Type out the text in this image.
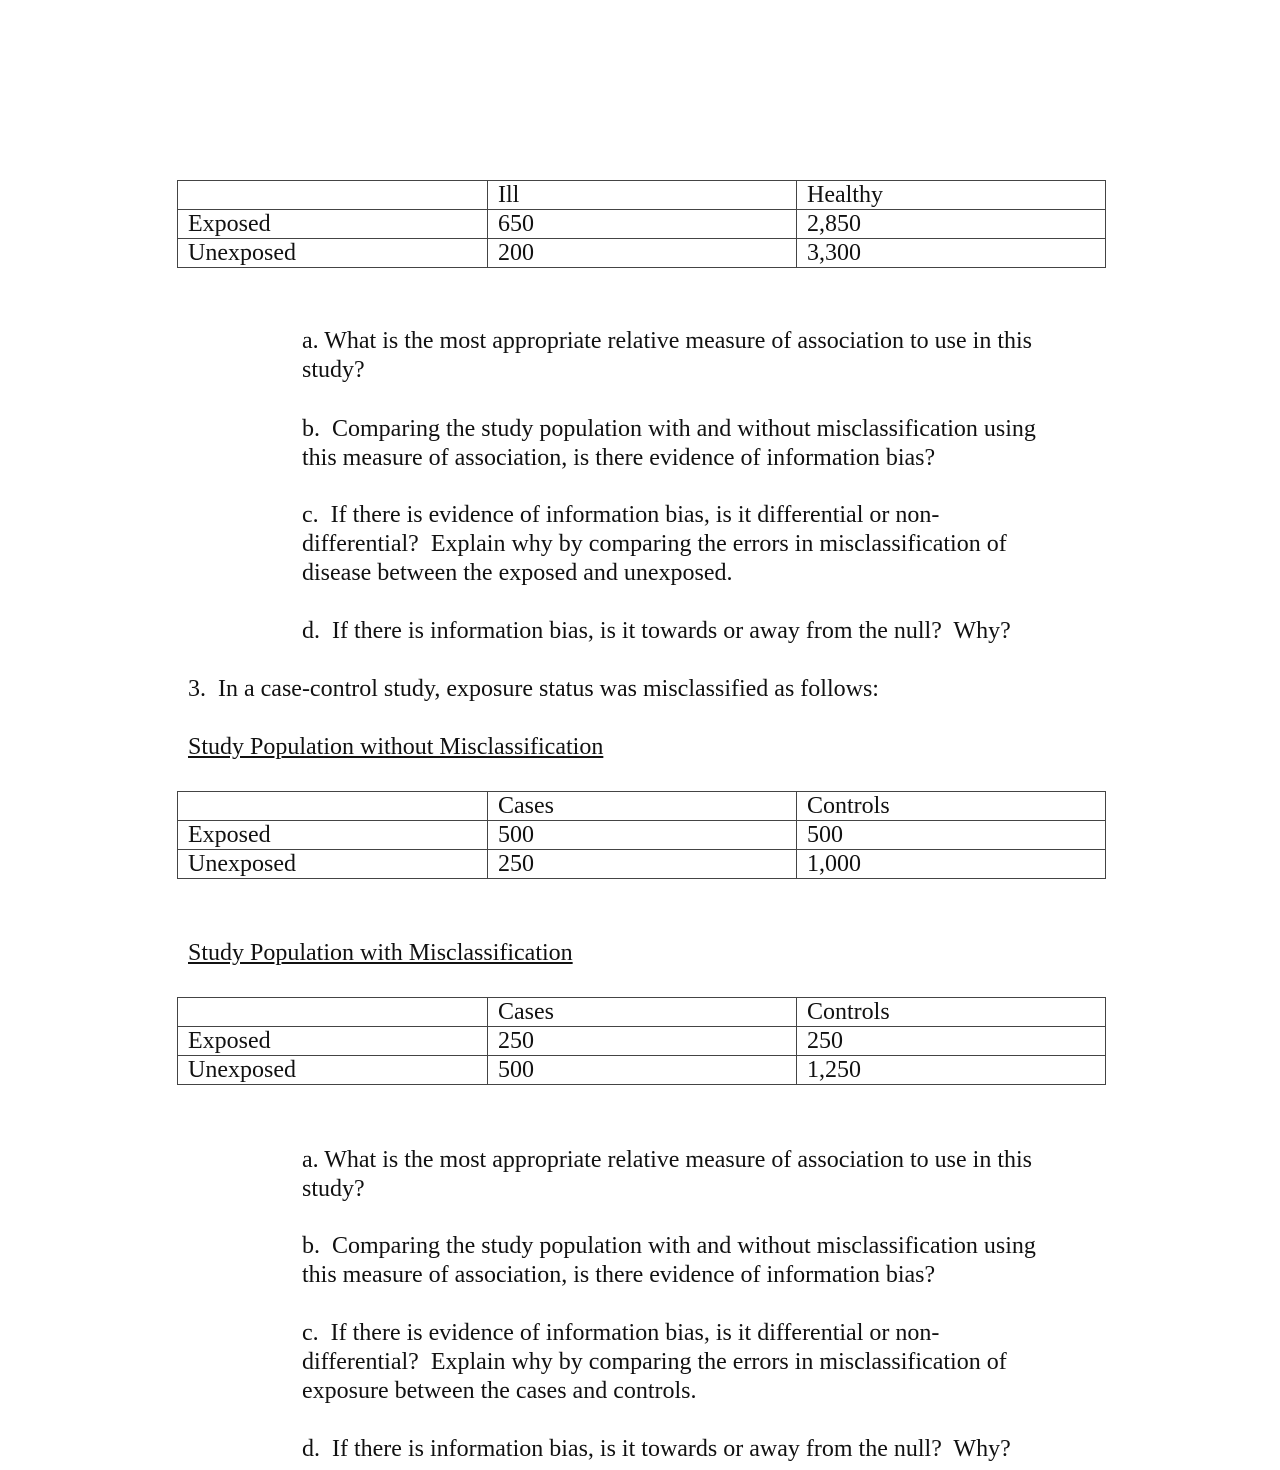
	Ill	Healthy
Exposed	650	2,850
Unexposed	200	3,300
a. What is the most appropriate relative measure of association to use in this
study?
b.  Comparing the study population with and without misclassification using
this measure of association, is there evidence of information bias?
c.  If there is evidence of information bias, is it differential or non-
differential?  Explain why by comparing the errors in misclassification of
disease between the exposed and unexposed.
d.  If there is information bias, is it towards or away from the null?  Why?
3.  In a case-control study, exposure status was misclassified as follows:
Study Population without Misclassification
	Cases	Controls
Exposed	500	500
Unexposed	250	1,000
Study Population with Misclassification
	Cases	Controls
Exposed	250	250
Unexposed	500	1,250
a. What is the most appropriate relative measure of association to use in this
study?
b.  Comparing the study population with and without misclassification using
this measure of association, is there evidence of information bias?
c.  If there is evidence of information bias, is it differential or non-
differential?  Explain why by comparing the errors in misclassification of
exposure between the cases and controls.
d.  If there is information bias, is it towards or away from the null?  Why?
